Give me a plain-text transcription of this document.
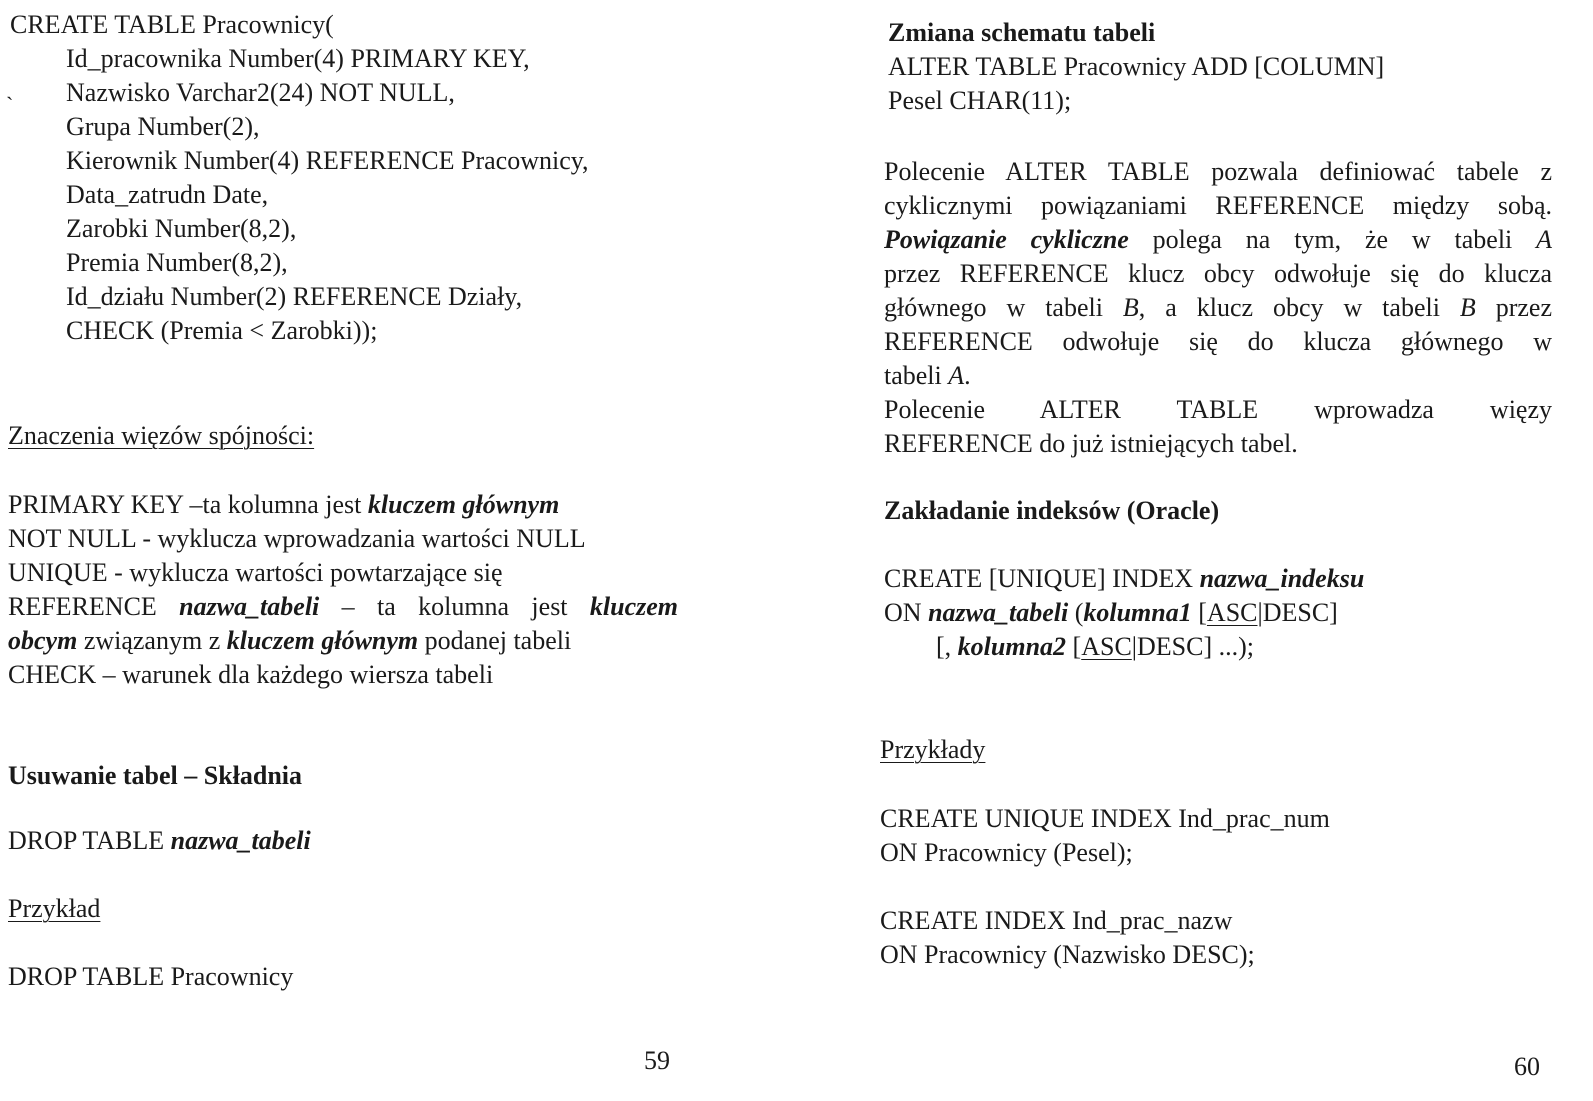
CREATE TABLE Pracownicy(
Id_pracownika Number(4) PRIMARY KEY,
Nazwisko Varchar2(24) NOT NULL,
Grupa Number(2),
Kierownik Number(4) REFERENCE Pracownicy,
Data_zatrudn Date,
Zarobki Number(8,2),
Premia Number(8,2),
Id_działu Number(2) REFERENCE Działy,
CHECK (Premia < Zarobki));
`
Znaczenia więzów spójności:
PRIMARY KEY –ta kolumna jest kluczem głównym
NOT NULL - wyklucza wprowadzania wartości NULL
UNIQUE - wyklucza wartości powtarzające się
REFERENCE nazwa_tabeli – ta kolumna jest kluczem
obcym związanym z kluczem głównym podanej tabeli
CHECK – warunek dla każdego wiersza tabeli
Usuwanie tabel – Składnia
DROP TABLE nazwa_tabeli
Przykład
DROP TABLE Pracownicy
59
Zmiana schematu tabeli
ALTER TABLE Pracownicy ADD [COLUMN]
Pesel CHAR(11);
Polecenie ALTER TABLE pozwala definiować tabele z
cyklicznymi powiązaniami REFERENCE między sobą.
Powiązanie cykliczne polega na tym, że w tabeli A
przez REFERENCE klucz obcy odwołuje się do klucza
głównego w tabeli B, a klucz obcy w tabeli B przez
REFERENCE odwołuje się do klucza głównego w
tabeli A.
Polecenie ALTER TABLE wprowadza więzy
REFERENCE do już istniejących tabel.
Zakładanie indeksów (Oracle)
CREATE [UNIQUE] INDEX nazwa_indeksu
ON nazwa_tabeli (kolumna1 [ASC|DESC]
[, kolumna2 [ASC|DESC] ...);
Przykłady
CREATE UNIQUE INDEX Ind_prac_num
ON Pracownicy (Pesel);
CREATE INDEX Ind_prac_nazw
ON Pracownicy (Nazwisko DESC);
60
